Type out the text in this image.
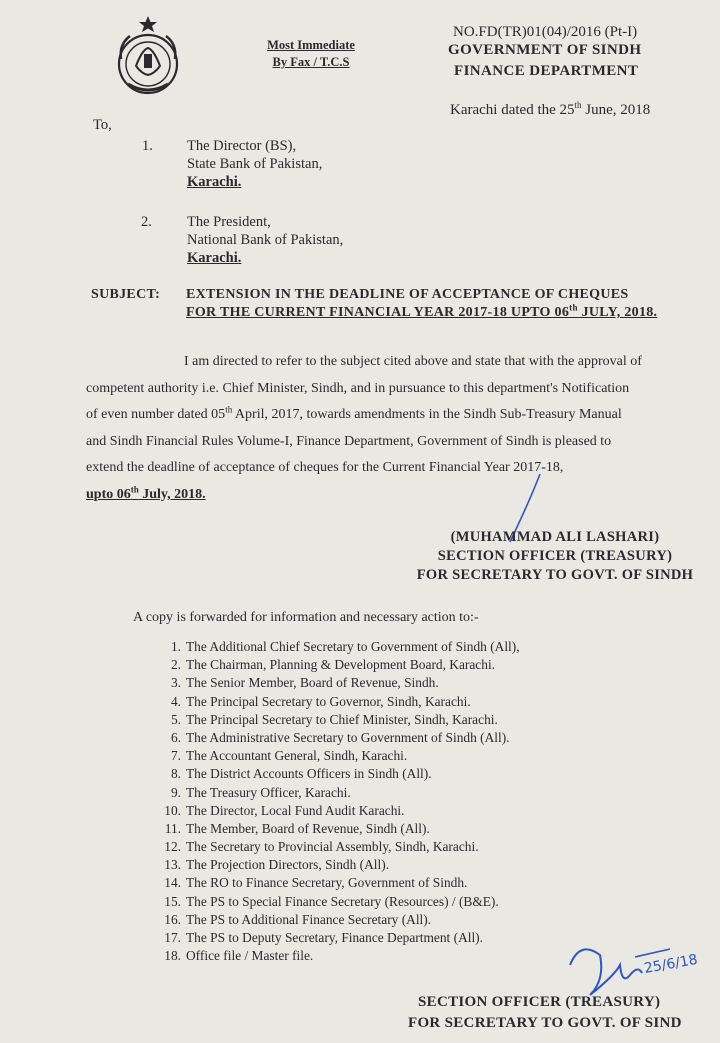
Most Immediate
By Fax / T.C.S
NO.FD(TR)01(04)/2016 (Pt-I)
GOVERNMENT OF SINDH
FINANCE DEPARTMENT
Karachi dated the 25th June, 2018
To,
1. The Director (BS),
State Bank of Pakistan,
Karachi.
2. The President,
National Bank of Pakistan,
Karachi.
SUBJECT: EXTENSION IN THE DEADLINE OF ACCEPTANCE OF CHEQUES
FOR THE CURRENT FINANCIAL YEAR 2017-18 UPTO 06th JULY, 2018.
I am directed to refer to the subject cited above and state that with the approval of
competent authority i.e. Chief Minister, Sindh, and in pursuance to this department's Notification
of even number dated 05th April, 2017, towards amendments in the Sindh Sub-Treasury Manual
and Sindh Financial Rules Volume-I, Finance Department, Government of Sindh is pleased to
extend the deadline of acceptance of cheques for the Current Financial Year 2017-18,
upto 06th July, 2018.
(MUHAMMAD ALI LASHARI)
SECTION OFFICER (TREASURY)
FOR SECRETARY TO GOVT. OF SINDH
A copy is forwarded for information and necessary action to:-
1. The Additional Chief Secretary to Government of Sindh (All),
2. The Chairman, Planning & Development Board, Karachi.
3. The Senior Member, Board of Revenue, Sindh.
4. The Principal Secretary to Governor, Sindh, Karachi.
5. The Principal Secretary to Chief Minister, Sindh, Karachi.
6. The Administrative Secretary to Government of Sindh (All).
7. The Accountant General, Sindh, Karachi.
8. The District Accounts Officers in Sindh (All).
9. The Treasury Officer, Karachi.
10. The Director, Local Fund Audit Karachi.
11. The Member, Board of Revenue, Sindh (All).
12. The Secretary to Provincial Assembly, Sindh, Karachi.
13. The Projection Directors, Sindh (All).
14. The RO to Finance Secretary, Government of Sindh.
15. The PS to Special Finance Secretary (Resources) / (B&E).
16. The PS to Additional Finance Secretary (All).
17. The PS to Deputy Secretary, Finance Department (All).
18. Office file / Master file.	25/6/18
SECTION OFFICER (TREASURY)
FOR SECRETARY TO GOVT. OF SIND
